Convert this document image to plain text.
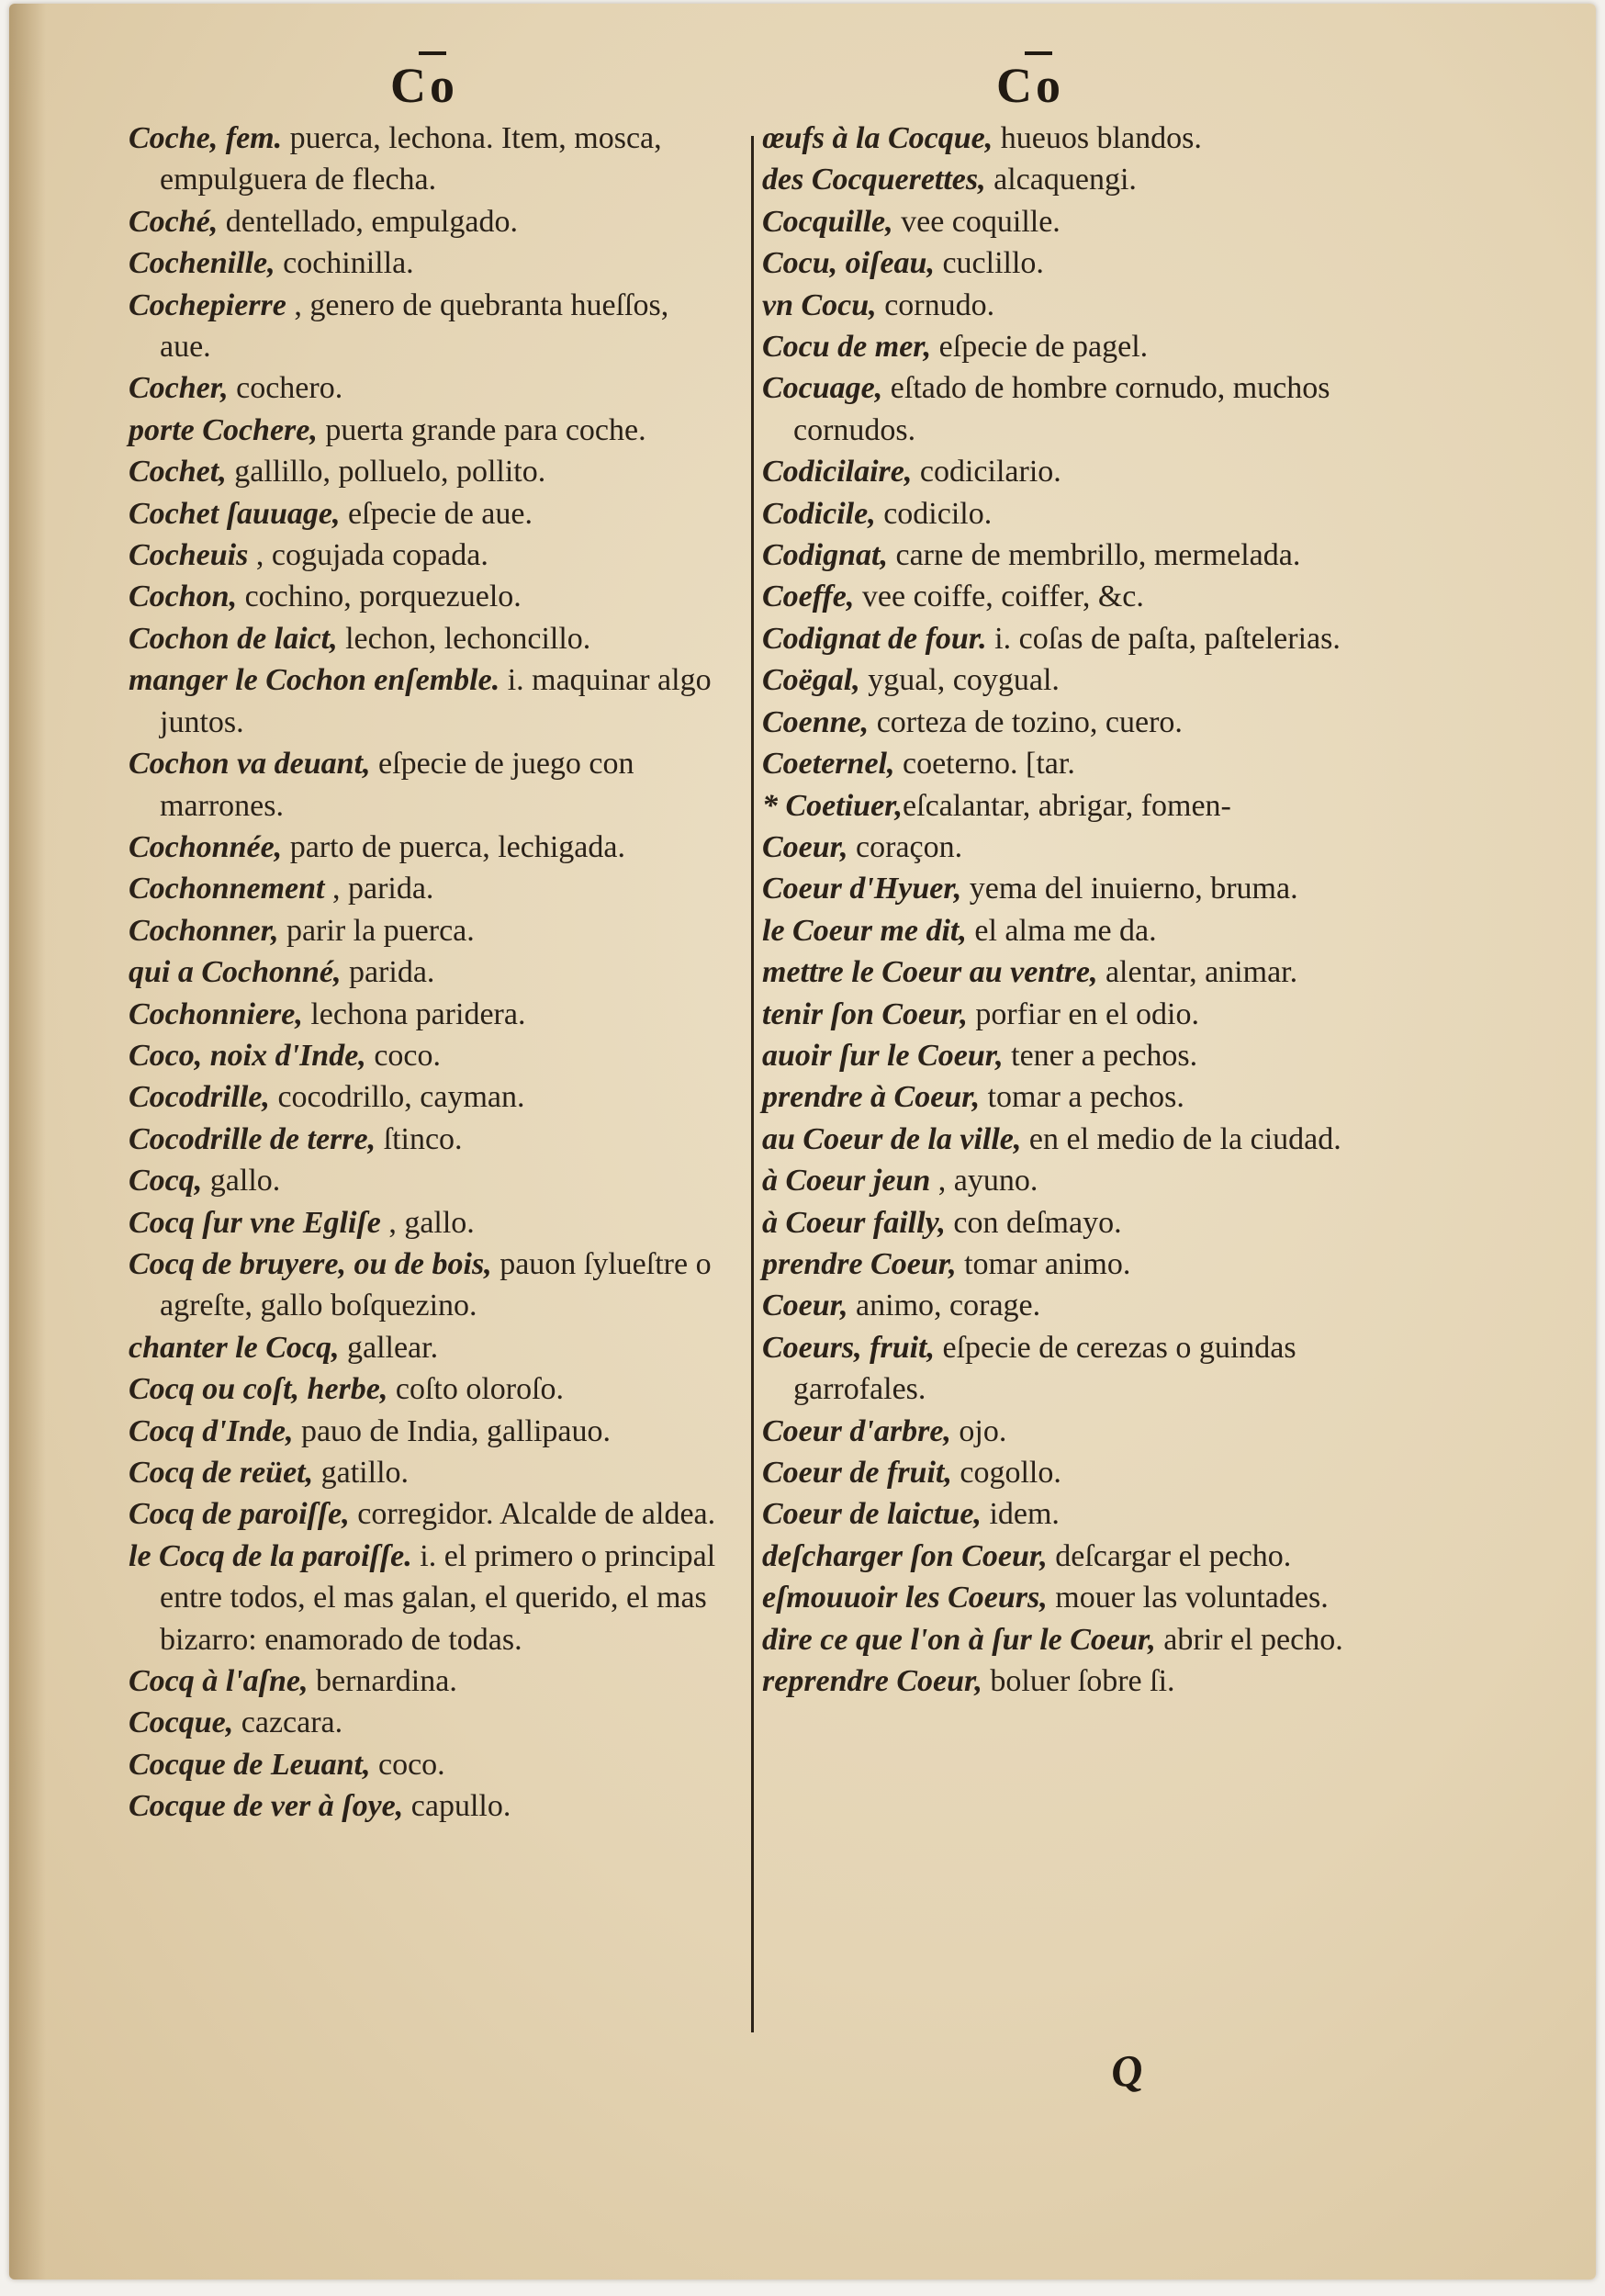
Co	Co
Coche, fem. puerca, lechona. Item, mosca, empulguera de flecha.
Coché, dentellado, empulgado.
Cochenille, cochinilla.
Cochepierre , genero de quebranta hueſſos, aue.
Cocher, cochero.
porte Cochere, puerta grande para coche.
Cochet, gallillo, polluelo, pollito.
Cochet ſauuage, eſpecie de aue.
Cocheuis , cogujada copada.
Cochon, cochino, porquezuelo.
Cochon de laict, lechon, lechoncillo.
manger le Cochon enſemble. i. maquinar algo juntos.
Cochon va deuant, eſpecie de juego con marrones.
Cochonnée, parto de puerca, lechigada.
Cochonnement , parida.
Cochonner, parir la puerca.
qui a Cochonné, parida.
Cochonniere, lechona paridera.
Coco, noix d'Inde, coco.
Cocodrille, cocodrillo, cayman.
Cocodrille de terre, ſtinco.
Cocq, gallo.
Cocq ſur vne Egliſe , gallo.
Cocq de bruyere, ou de bois, pauon ſylueſtre o agreſte, gallo boſquezino.
chanter le Cocq, gallear.
Cocq ou coſt, herbe, coſto oloroſo.
Cocq d'Inde, pauo de India, gallipauo.
Cocq de reüet, gatillo.
Cocq de paroiſſe, corregidor. Alcalde de aldea.
le Cocq de la paroiſſe. i. el primero o principal entre todos, el mas galan, el querido, el mas bizarro: enamorado de todas.
Cocq à l'aſne, bernardina.
Cocque, cazcara.
Cocque de Leuant, coco.
Cocque de ver à ſoye, capullo.
œufs à la Cocque, hueuos blandos.
des Cocquerettes, alcaquengi.
Cocquille, vee coquille.
Cocu, oiſeau, cuclillo.
vn Cocu, cornudo.
Cocu de mer, eſpecie de pagel.
Cocuage, eſtado de hombre cornudo, muchos cornudos.
Codicilaire, codicilario.
Codicile, codicilo.
Codignat, carne de membrillo, mermelada.
Coeffe, vee coiffe, coiffer, &c.
Codignat de four. i. coſas de paſta, paſtelerias.
Coëgal, ygual, coygual.
Coenne, corteza de tozino, cuero.
Coeternel, coeterno. [tar.
* Coetiuer,eſcalantar, abrigar, fomen-
Coeur, coraçon.
Coeur d'Hyuer, yema del inuierno, bruma.
le Coeur me dit, el alma me da.
mettre le Coeur au ventre, alentar, animar.
tenir ſon Coeur, porfiar en el odio.
auoir ſur le Coeur, tener a pechos.
prendre à Coeur, tomar a pechos.
au Coeur de la ville, en el medio de la ciudad.
à Coeur jeun , ayuno.
à Coeur failly, con deſmayo.
prendre Coeur, tomar animo.
Coeur, animo, corage.
Coeurs, fruit, eſpecie de cerezas o guindas garrofales.
Coeur d'arbre, ojo.
Coeur de fruit, cogollo.
Coeur de laictue, idem.
deſcharger ſon Coeur, deſcargar el pecho.
eſmouuoir les Coeurs, mouer las voluntades.
dire ce que l'on à ſur le Coeur, abrir el pecho.
reprendre Coeur, boluer ſobre ſi.
Q
